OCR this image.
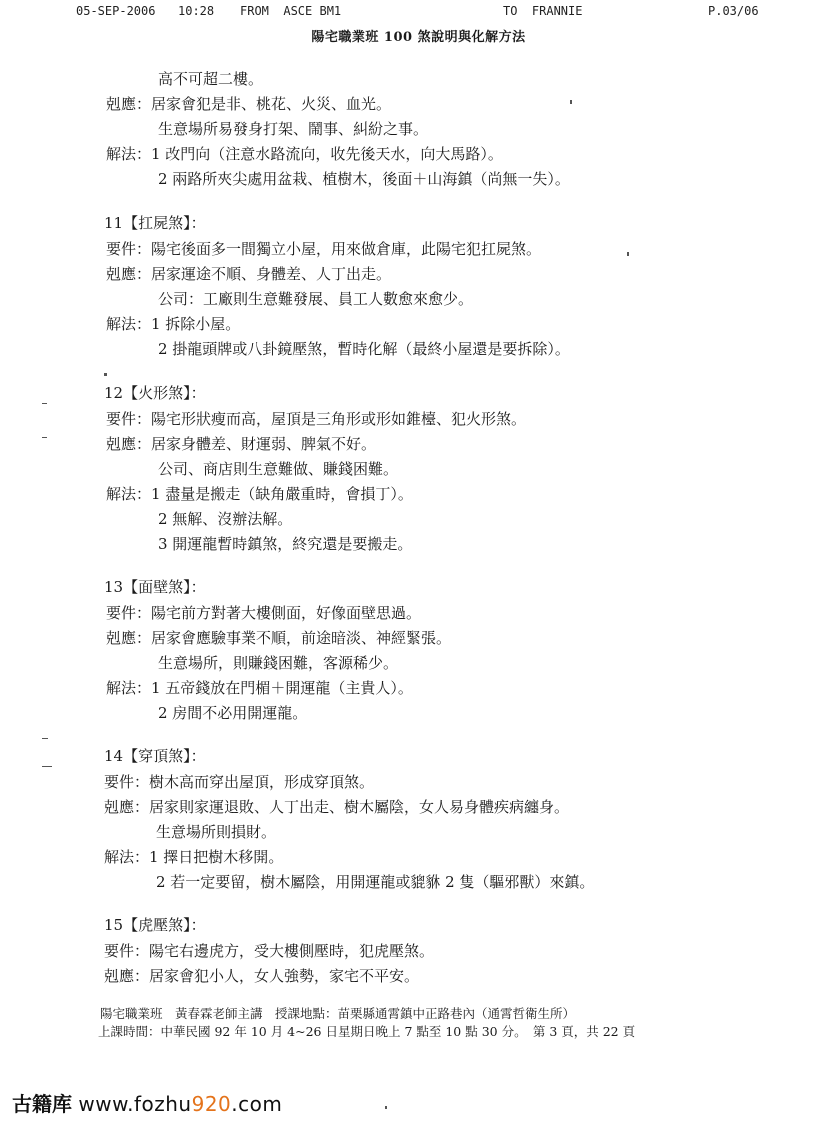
05-SEP-2006 10:28 FROM  ASCE BM1	TO  FRANNIE	P.03/06
陽宅職業班 100 煞說明與化解方法
高不可超二樓。
剋應：居家會犯是非、桃花、火災、血光。
生意場所易發身打架、鬧事、糾紛之事。
解法：1 改門向（注意水路流向，收先後天水，向大馬路）。
2 兩路所夾尖處用盆栽、植樹木，後面＋山海鎮（尚無一失）。
11【扛屍煞】：
要件：陽宅後面多一間獨立小屋，用來做倉庫，此陽宅犯扛屍煞。
剋應：居家運途不順、身體差、人丁出走。
公司：工廠則生意難發展、員工人數愈來愈少。
解法：1 拆除小屋。
2 掛龍頭牌或八卦鏡壓煞，暫時化解（最終小屋還是要拆除）。
12【火形煞】：
要件：陽宅形狀瘦而高，屋頂是三角形或形如錐檯、犯火形煞。
剋應：居家身體差、財運弱、脾氣不好。
公司、商店則生意難做、賺錢困難。
解法：1 盡量是搬走（缺角嚴重時，會損丁）。
2 無解、沒辦法解。
3 開運龍暫時鎮煞，終究還是要搬走。
13【面壁煞】：
要件：陽宅前方對著大樓側面，好像面壁思過。
剋應：居家會應驗事業不順，前途暗淡、神經緊張。
生意場所，則賺錢困難，客源稀少。
解法：1 五帝錢放在門楣＋開運龍（主貴人）。
2 房間不必用開運龍。
14【穿頂煞】：
要件：樹木高而穿出屋頂，形成穿頂煞。
剋應：居家則家運退敗、人丁出走、樹木屬陰，女人易身體疾病纏身。
生意場所則損財。
解法：1 擇日把樹木移開。
2 若一定要留，樹木屬陰，用開運龍或貔貅 2 隻（驅邪獸）來鎮。
15【虎壓煞】：
要件：陽宅右邊虎方，受大樓側壓時，犯虎壓煞。
剋應：居家會犯小人，女人強勢，家宅不平安。
陽宅職業班　黃春霖老師主講　授課地點：苗栗縣通霄鎮中正路巷內（通霄哲衛生所）
上課時間：中華民國 92 年 10 月 4~26 日星期日晚上 7 點至 10 點 30 分。　第 3 頁，共 22 頁
古籍库 www.fozhu920.com
